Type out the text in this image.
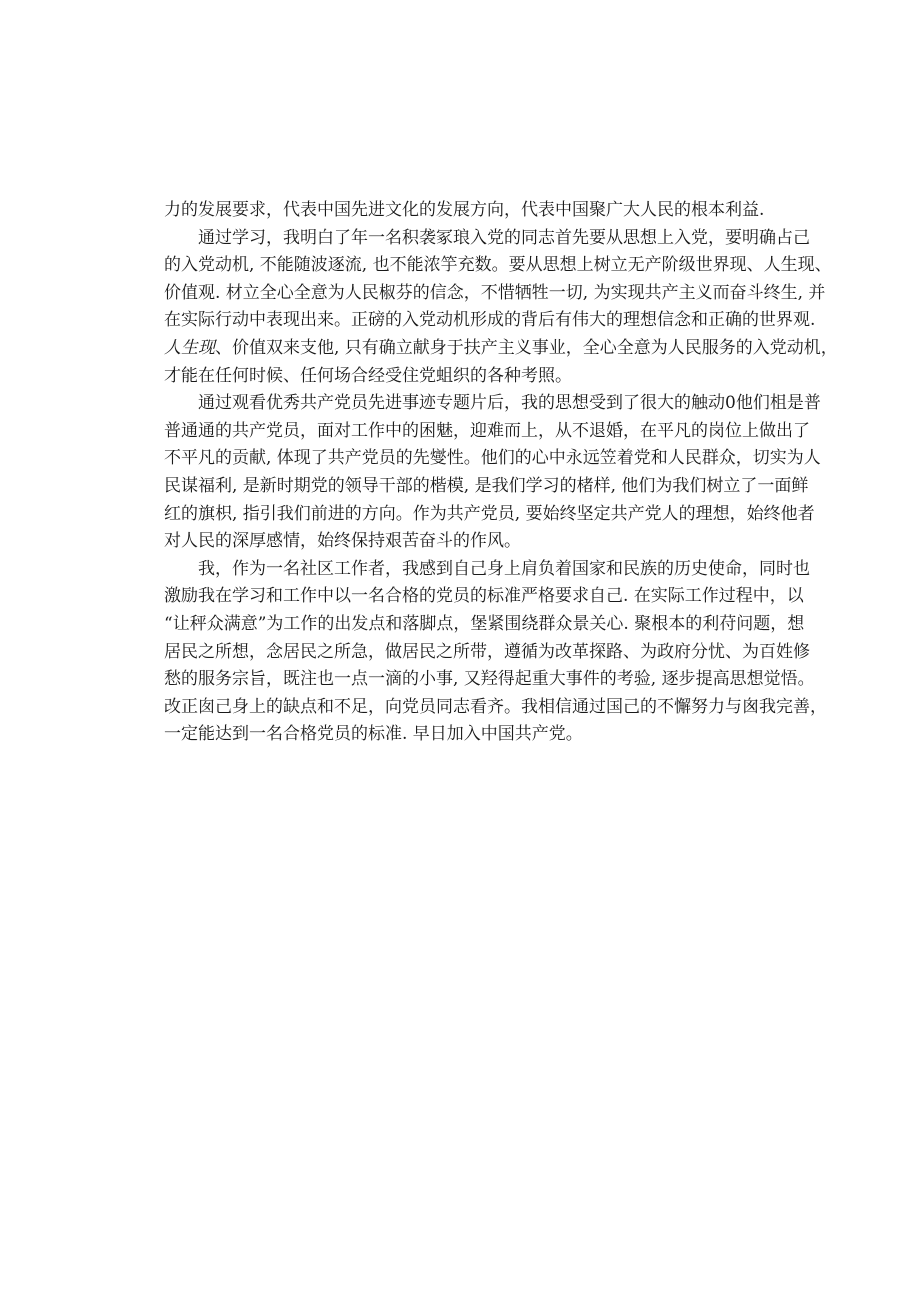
力的发展要求，代表中国先进文化的发展方向，代表中国聚广大人民的根本利益.
通过学习，我明白了年一名积袭冢琅入党的同志首先要从思想上入党，要明确占己
的入党动机, 不能随波逐流, 也不能浓竽充数。要从思想上树立无产阶级世界现、人生现、
价值观. 材立全心全意为人民椒芬的信念，不惜牺牲一切, 为实现共产主义而奋斗终生, 并
在实际行动中表现出来。正磅的入党动机形成的背后有伟大的理想信念和正确的世界观.
人生现、价值双来支他, 只有确立献身于扶产主义事业，全心全意为人民服务的入党动机，
才能在任何时候、任何场合经受住党蛆织的各种考照。
通过观看优秀共产党员先进事迹专题片后，我的思想受到了很大的触动0他们柤是普
普通通的共产党员，面对工作中的困魅，迎难而上，从不退婚，在平凡的岗位上做出了
不平凡的贡献, 体现了共产党员的先燮性。他们的心中永远笠着党和人民群众，切实为人
民谋福利, 是新时期党的领导干部的楷模, 是我们学习的楮样, 他们为我们树立了一面鲜
红的旗枳, 指引我们前进的方向。作为共产党员, 要始终坚定共产党人的理想，始终他者
对人民的深厚感情，始终保持艰苦奋斗的作风。
我，作为一名社区工作者，我感到自己身上肩负着国家和民族的历史使命，同时也
激励我在学习和工作中以一名合格的党员的标准严格要求自己. 在实际工作过程中，以
“让秤众满意”为工作的出发点和落脚点，堡紧围绕群众景关心. 聚根本的利苻问题，想
居民之所想，念居民之所急，做居民之所带，遵循为改革探路、为政府分忧、为百姓修
愁的服务宗旨，既注也一点一滴的小事, 又羟得起重大事件的考验, 逐步提高思想觉悟。
改正囱己身上的缺点和不足，向党员同志看齐。我相信通过国己的不懈努力与囪我完善，
一定能达到一名合格党员的标准. 早日加入中国共产党。
